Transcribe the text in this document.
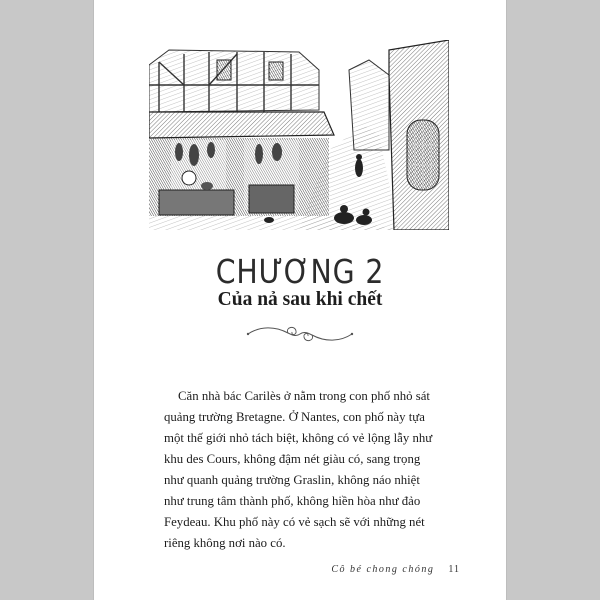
CHƯƠNG 2
Của nả sau khi chết

Căn nhà bác Carilès ở nằm trong con phố nhỏ sát
quảng trường Bretagne. Ở Nantes, con phố này tựa
một thế giới nhỏ tách biệt, không có vẻ lộng lẫy như
khu des Cours, không đậm nét giàu có, sang trọng
như quanh quảng trường Graslin, không náo nhiệt
như trung tâm thành phố, không hiền hòa như đảo
Feydeau. Khu phố này có vẻ sạch sẽ với những nét
riêng không nơi nào có.

Cô bé chong chóng 11
